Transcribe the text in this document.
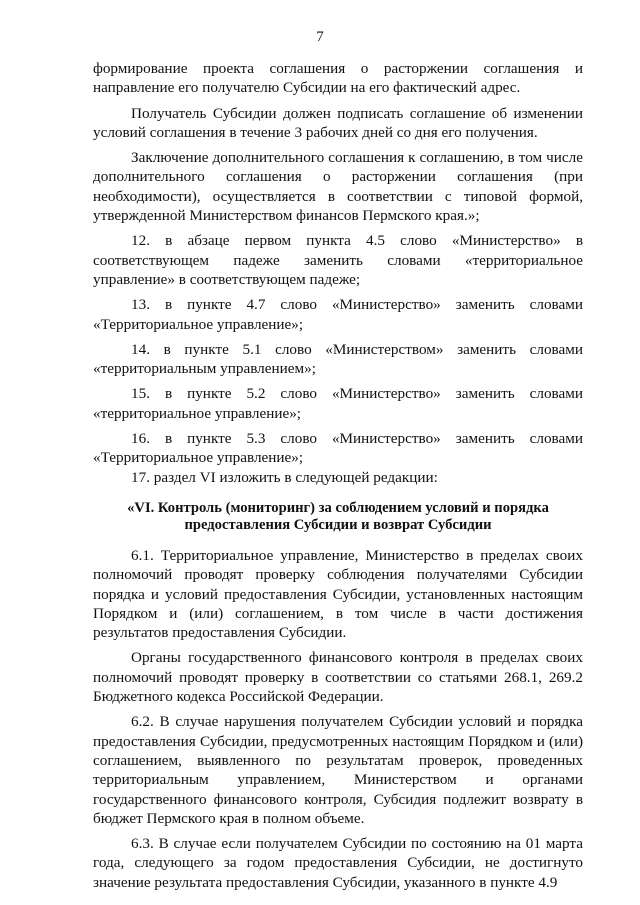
7

формирование проекта соглашения о расторжении соглашения и направление его получателю Субсидии на его фактический адрес.

Получатель Субсидии должен подписать соглашение об изменении условий соглашения в течение 3 рабочих дней со дня его получения.

Заключение дополнительного соглашения к соглашению, в том числе дополнительного соглашения о расторжении соглашения (при необходимости), осуществляется в соответствии с типовой формой, утвержденной Министерством финансов Пермского края.»;

12. в абзаце первом пункта 4.5 слово «Министерство» в соответствующем падеже заменить словами «территориальное управление» в соответствующем падеже;

13. в пункте 4.7 слово «Министерство» заменить словами «Территориальное управление»;

14. в пункте 5.1 слово «Министерством» заменить словами «территориальным управлением»;

15. в пункте 5.2 слово «Министерство» заменить словами «территориальное управление»;

16. в пункте 5.3 слово «Министерство» заменить словами «Территориальное управление»;

17. раздел VI изложить в следующей редакции:

«VI. Контроль (мониторинг) за соблюдением условий и порядка
предоставления Субсидии и возврат Субсидии

6.1. Территориальное управление, Министерство в пределах своих полномочий проводят проверку соблюдения получателями Субсидии порядка и условий предоставления Субсидии, установленных настоящим Порядком и (или) соглашением, в том числе в части достижения результатов предоставления Субсидии.

Органы государственного финансового контроля в пределах своих полномочий проводят проверку в соответствии со статьями 268.1, 269.2 Бюджетного кодекса Российской Федерации.

6.2. В случае нарушения получателем Субсидии условий и порядка предоставления Субсидии, предусмотренных настоящим Порядком и (или) соглашением, выявленного по результатам проверок, проведенных территориальным управлением, Министерством и органами государственного финансового контроля, Субсидия подлежит возврату в бюджет Пермского края в полном объеме.

6.3. В случае если получателем Субсидии по состоянию на 01 марта года, следующего за годом предоставления Субсидии, не достигнуто значение результата предоставления Субсидии, указанного в пункте 4.9
